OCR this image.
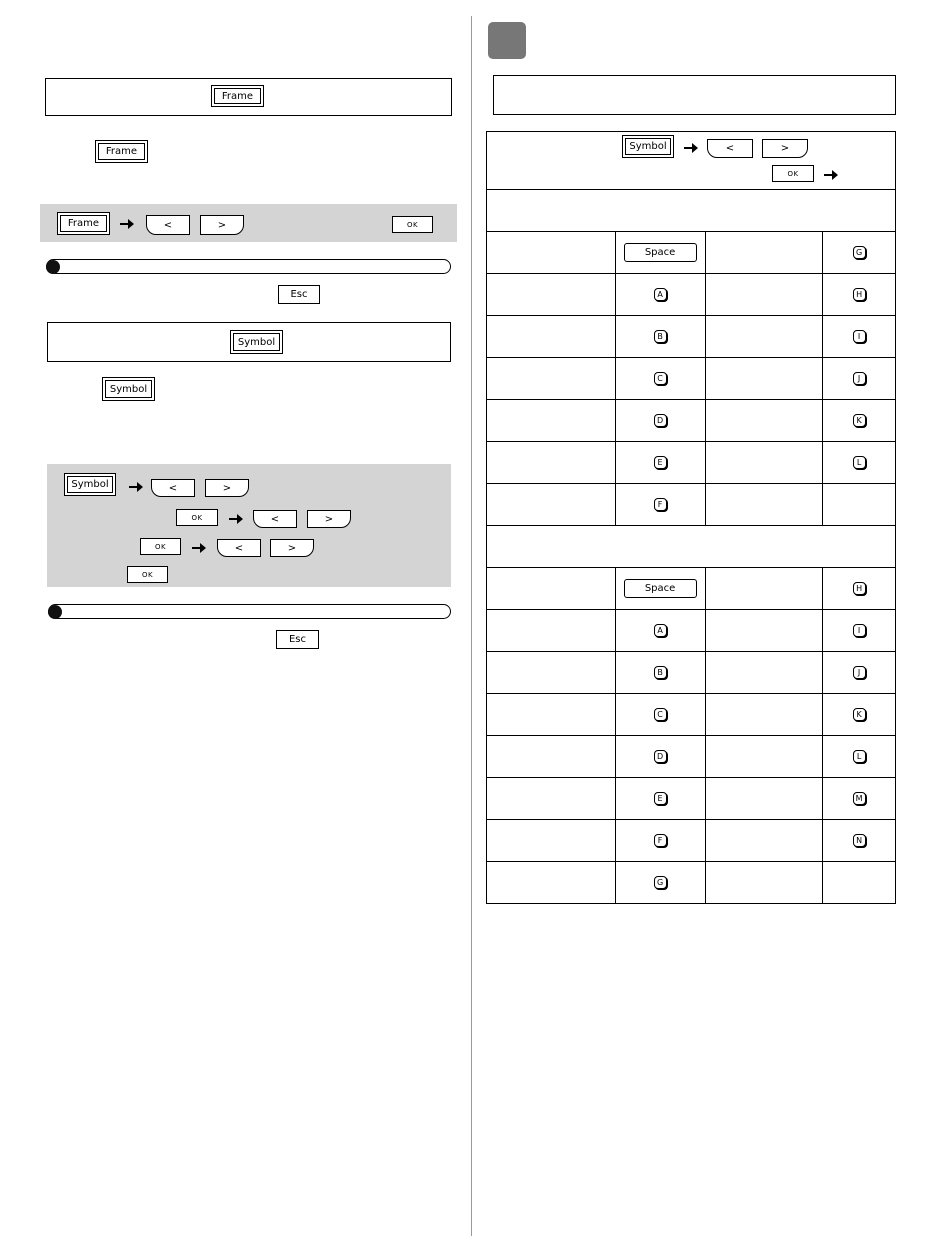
Frame
Frame
Frame	<	>	OK
Esc
Symbol
Symbol
Symbol	<	>
OK	<	>
OK	<	>
OK
Esc
Symbol < >
OK			

Space		G

A		H

B		I

C		J

D		K

E		L

F		

Space		H

A		I

B		J

C		K

D		L

E		M

F		N

G		
